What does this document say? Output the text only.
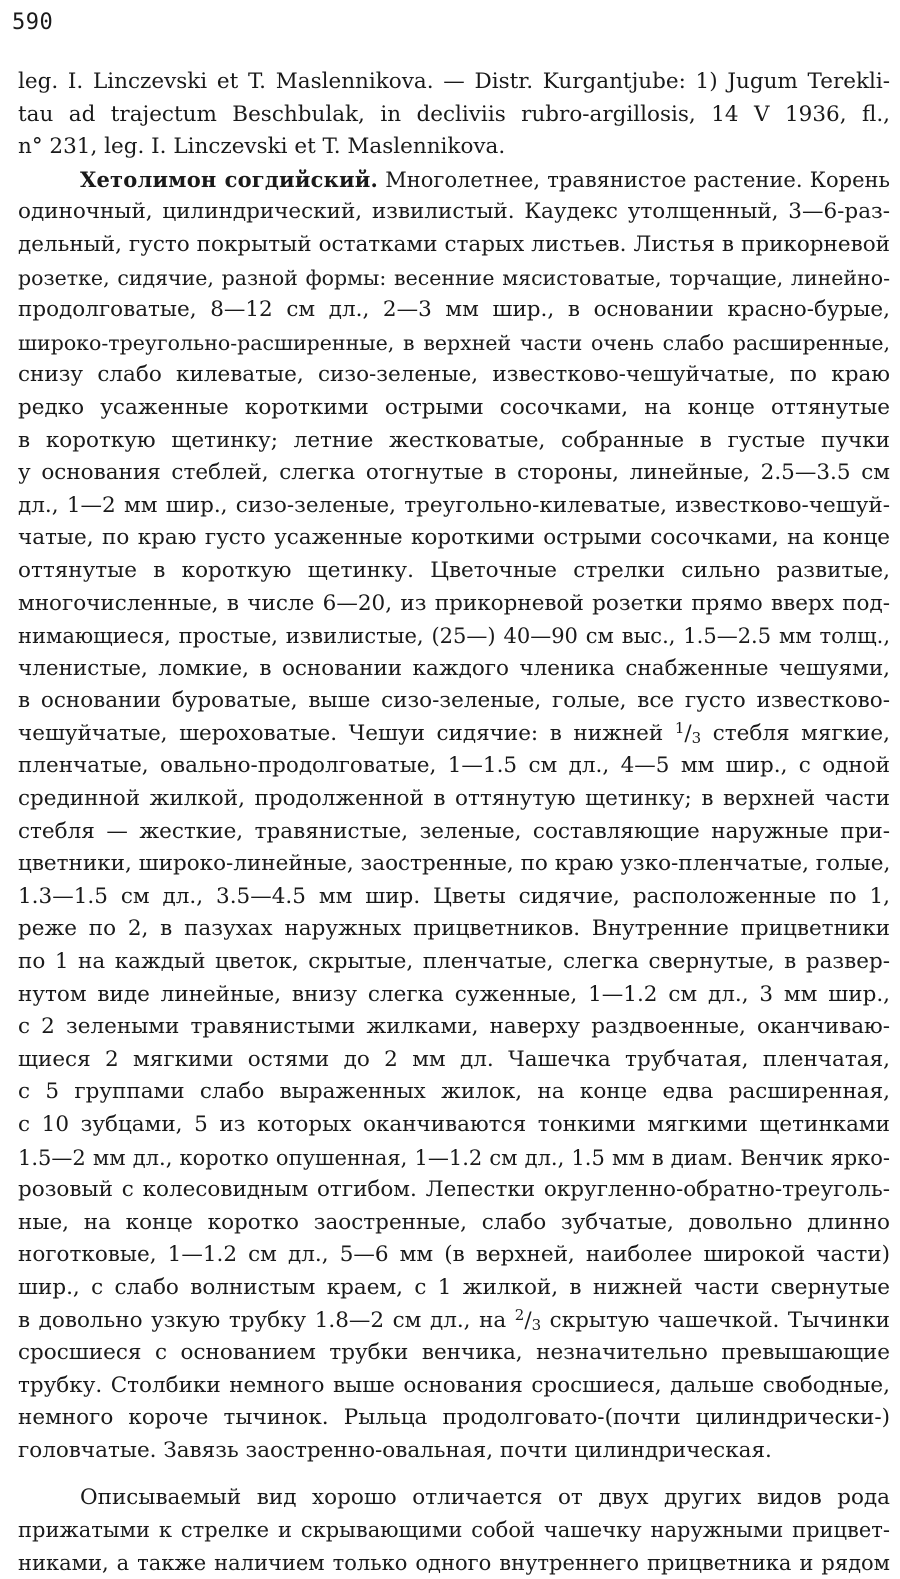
590
leg. I. Linczevski et T. Maslennikova. — Distr. Kurgantjube: 1) Jugum Terekli-
tau ad trajectum Beschbulak, in decliviis rubro-argillosis, 14 V 1936, fl.,
n° 231, leg. I. Linczevski et T. Maslennikova.
Хетолимон согдийский. Многолетнее, травянистое растение. Корень
одиночный, цилиндрический, извилистый. Каудекс утолщенный, 3—6-раз-
дельный, густо покрытый остатками старых листьев. Листья в прикорневой
розетке, сидячие, разной формы: весенние мясистоватые, торчащие, линейно-
продолговатые, 8—12 см дл., 2—3 мм шир., в основании красно-бурые,
широко-треугольно-расширенные, в верхней части очень слабо расширенные,
снизу слабо килеватые, сизо-зеленые, известково-чешуйчатые, по краю
редко усаженные короткими острыми сосочками, на конце оттянутые
в короткую щетинку; летние жестковатые, собранные в густые пучки
у основания стеблей, слегка отогнутые в стороны, линейные, 2.5—3.5 см
дл., 1—2 мм шир., сизо-зеленые, треугольно-килеватые, известково-чешуй-
чатые, по краю густо усаженные короткими острыми сосочками, на конце
оттянутые в короткую щетинку. Цветочные стрелки сильно развитые,
многочисленные, в числе 6—20, из прикорневой розетки прямо вверх под-
нимающиеся, простые, извилистые, (25—) 40—90 см выс., 1.5—2.5 мм толщ.,
членистые, ломкие, в основании каждого членика снабженные чешуями,
в основании буроватые, выше сизо-зеленые, голые, все густо известково-
чешуйчатые, шероховатые. Чешуи сидячие: в нижней $^1$/3 стебля мягкие,
пленчатые, овально-продолговатые, 1—1.5 см дл., 4—5 мм шир., с одной
срединной жилкой, продолженной в оттянутую щетинку; в верхней части
стебля — жесткие, травянистые, зеленые, составляющие наружные при-
цветники, широко-линейные, заостренные, по краю узко-пленчатые, голые,
1.3—1.5 см дл., 3.5—4.5 мм шир. Цветы сидячие, расположенные по 1,
реже по 2, в пазухах наружных прицветников. Внутренние прицветники
по 1 на каждый цветок, скрытые, пленчатые, слегка свернутые, в развер-
нутом виде линейные, внизу слегка суженные, 1—1.2 см дл., 3 мм шир.,
с 2 зелеными травянистыми жилками, наверху раздвоенные, оканчиваю-
щиеся 2 мягкими остями до 2 мм дл. Чашечка трубчатая, пленчатая,
с 5 группами слабо выраженных жилок, на конце едва расширенная,
с 10 зубцами, 5 из которых оканчиваются тонкими мягкими щетинками
1.5—2 мм дл., коротко опушенная, 1—1.2 см дл., 1.5 мм в диам. Венчик ярко-
розовый с колесовидным отгибом. Лепестки округленно-обратно-треуголь-
ные, на конце коротко заостренные, слабо зубчатые, довольно длинно
ноготковые, 1—1.2 см дл., 5—6 мм (в верхней, наиболее широкой части)
шир., с слабо волнистым краем, с 1 жилкой, в нижней части свернутые
в довольно узкую трубку 1.8—2 см дл., на $^2$/3 скрытую чашечкой. Тычинки
сросшиеся с основанием трубки венчика, незначительно превышающие
трубку. Столбики немного выше основания сросшиеся, дальше свободные,
немного короче тычинок. Рыльца продолговато-(почти цилиндрически-)
головчатые. Завязь заостренно-овальная, почти цилиндрическая.
Описываемый вид хорошо отличается от двух других видов рода
прижатыми к стрелке и скрывающими собой чашечку наружными прицвет-
никами, а также наличием только одного внутреннего прицветника и рядом
